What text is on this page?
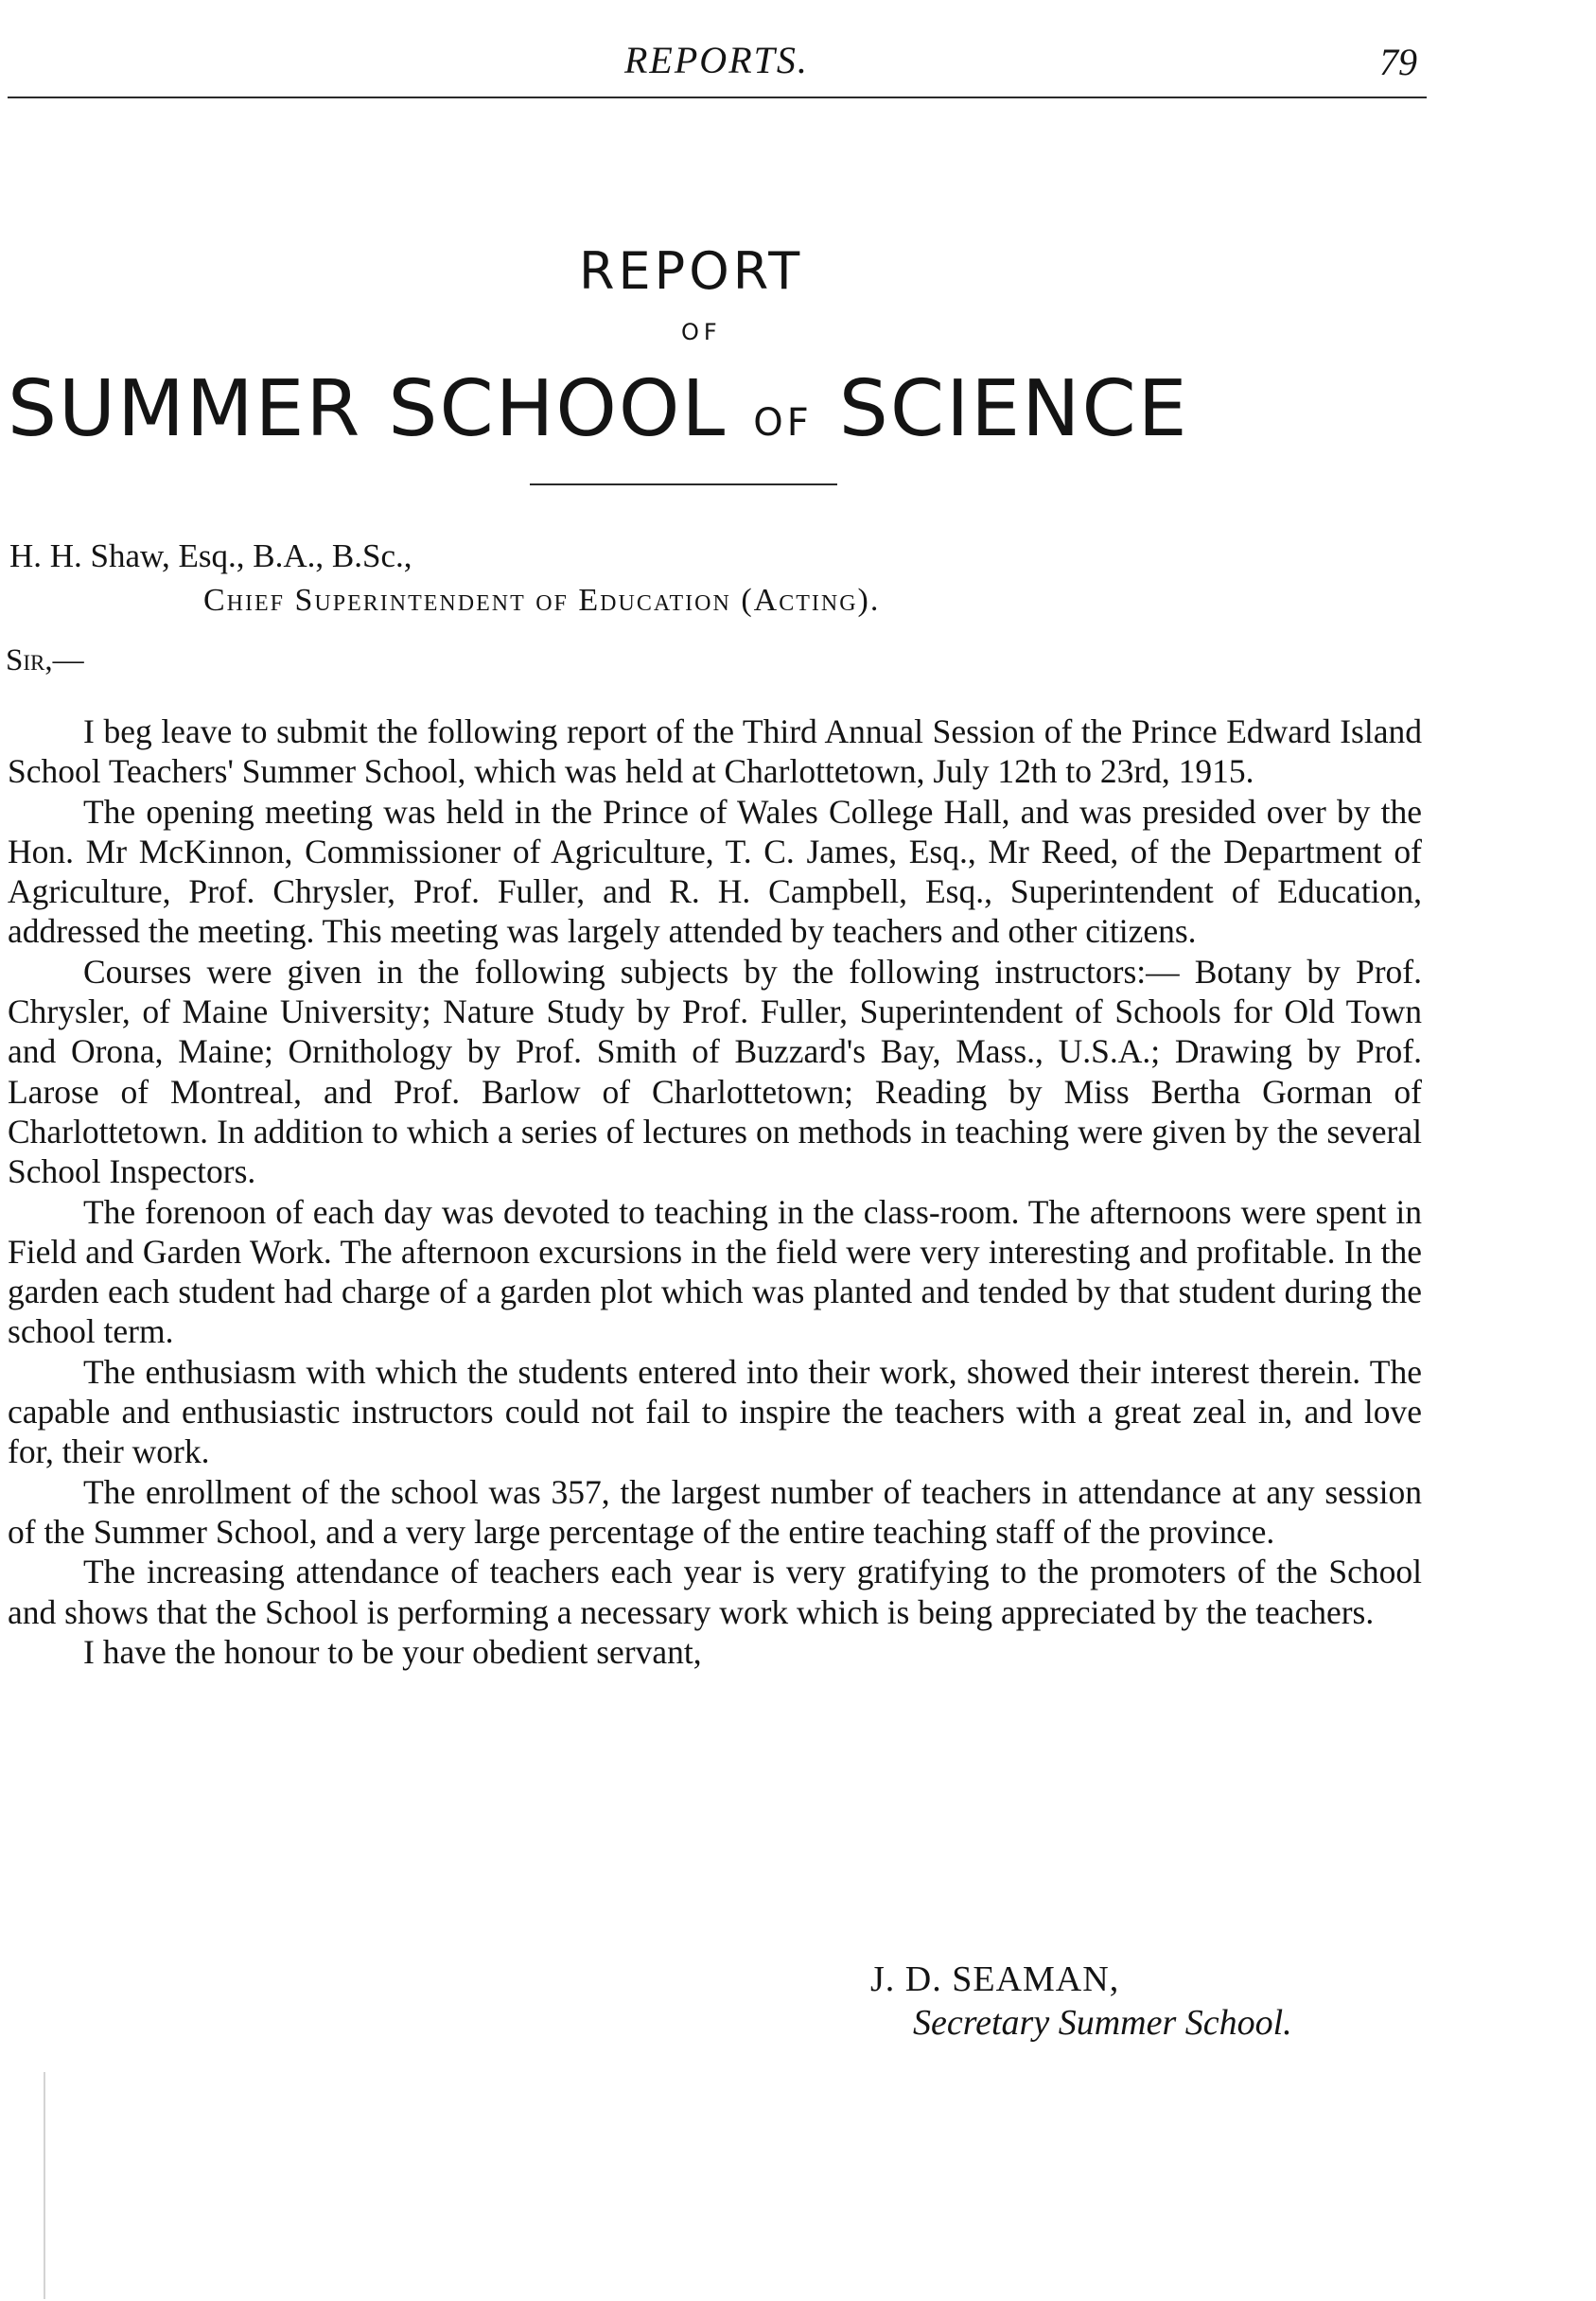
REPORTS.	79
REPORT
OF
SUMMER SCHOOL OF SCIENCE
H. H. Shaw, Esq., B.A., B.Sc.,
Chief Superintendent of Education (Acting).
Sir,—

I beg leave to submit the following report of the Third Annual Session of the Prince Edward Island School Teachers' Summer School, which was held at Charlottetown, July 12th to 23rd, 1915.

The opening meeting was held in the Prince of Wales College Hall, and was presided over by the Hon. Mr McKinnon, Commissioner of Agriculture, T. C. James, Esq., Mr Reed, of the Department of Agriculture, Prof. Chrysler, Prof. Fuller, and R. H. Campbell, Esq., Superintendent of Education, addressed the meeting. This meeting was largely attended by teachers and other citizens.

Courses were given in the following subjects by the following instructors:— Botany by Prof. Chrysler, of Maine University; Nature Study by Prof. Fuller, Superintendent of Schools for Old Town and Orona, Maine; Ornithology by Prof. Smith of Buzzard's Bay, Mass., U.S.A.; Drawing by Prof. Larose of Montreal, and Prof. Barlow of Charlottetown; Reading by Miss Bertha Gorman of Charlottetown. In addition to which a series of lectures on methods in teaching were given by the several School Inspectors.

The forenoon of each day was devoted to teaching in the class-room. The afternoons were spent in Field and Garden Work. The afternoon excursions in the field were very interesting and profitable. In the garden each student had charge of a garden plot which was planted and tended by that student during the school term.

The enthusiasm with which the students entered into their work, showed their interest therein. The capable and enthusiastic instructors could not fail to inspire the teachers with a great zeal in, and love for, their work.

The enrollment of the school was 357, the largest number of teachers in attendance at any session of the Summer School, and a very large percentage of the entire teaching staff of the province.

The increasing attendance of teachers each year is very gratifying to the promoters of the School and shows that the School is performing a necessary work which is being appreciated by the teachers.

I have the honour to be your obedient servant,

J. D. SEAMAN,
Secretary Summer School.
